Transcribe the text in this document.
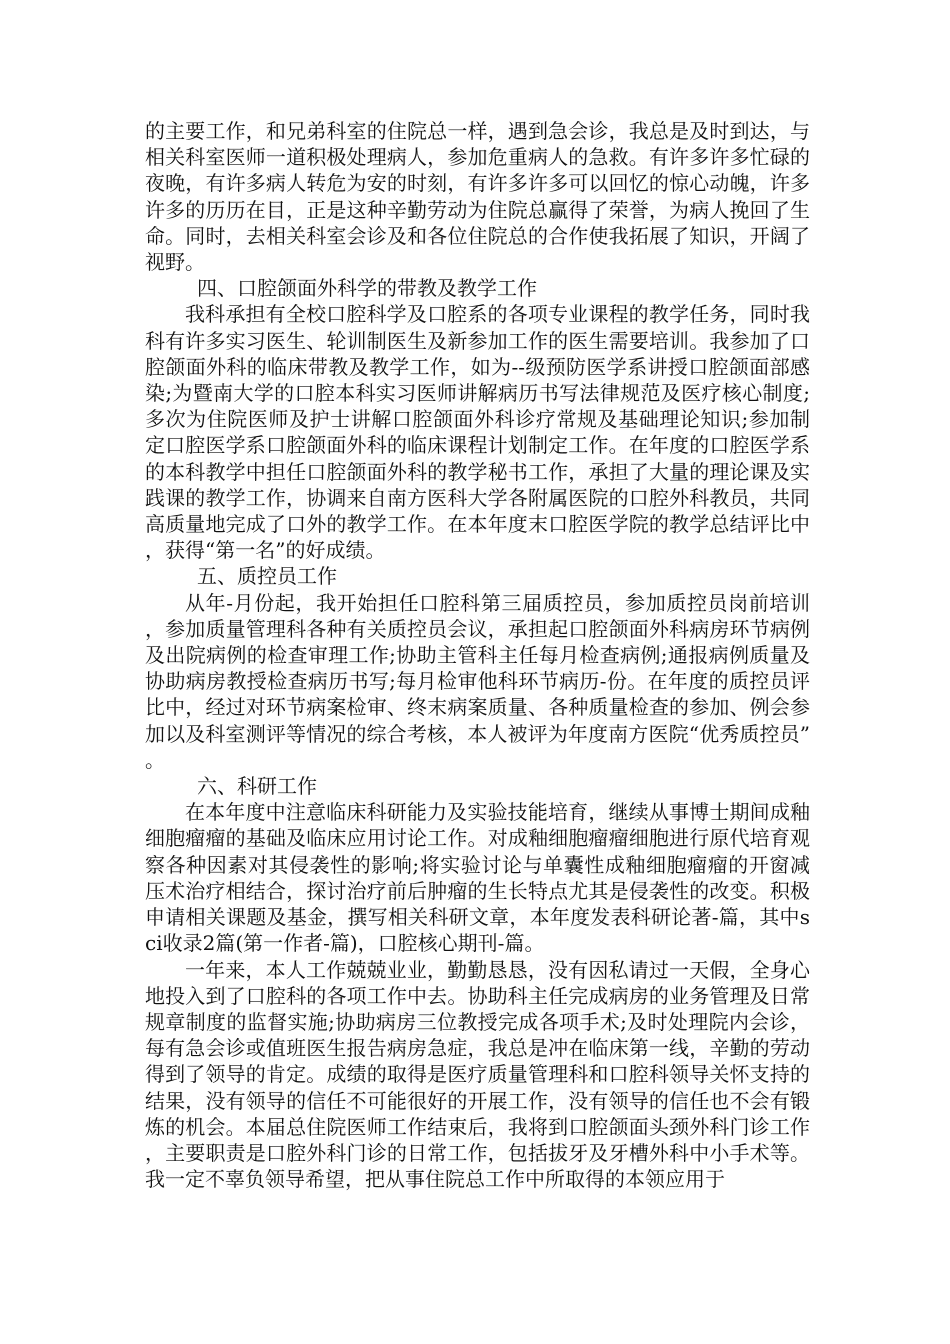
的主要工作，和兄弟科室的住院总一样，遇到急会诊，我总是及时到达，与相关科室医师一道积极处理病人，参加危重病人的急救。有许多许多忙碌的夜晚，有许多病人转危为安的时刻，有许多许多可以回忆的惊心动魄，许多许多的历历在目，正是这种辛勤劳动为住院总赢得了荣誉，为病人挽回了生命。同时，去相关科室会诊及和各位住院总的合作使我拓展了知识，开阔了视野。

四、口腔颌面外科学的带教及教学工作

我科承担有全校口腔科学及口腔系的各项专业课程的教学任务，同时我科有许多实习医生、轮训制医生及新参加工作的医生需要培训。我参加了口腔颌面外科的临床带教及教学工作，如为--级预防医学系讲授口腔颌面部感染;为暨南大学的口腔本科实习医师讲解病历书写法律规范及医疗核心制度;多次为住院医师及护士讲解口腔颌面外科诊疗常规及基础理论知识;参加制定口腔医学系口腔颌面外科的临床课程计划制定工作。在年度的口腔医学系的本科教学中担任口腔颌面外科的教学秘书工作，承担了大量的理论课及实践课的教学工作，协调来自南方医科大学各附属医院的口腔外科教员，共同高质量地完成了口外的教学工作。在本年度末口腔医学院的教学总结评比中，获得“第一名”的好成绩。

五、质控员工作

从年-月份起，我开始担任口腔科第三届质控员，参加质控员岗前培训，参加质量管理科各种有关质控员会议，承担起口腔颌面外科病房环节病例及出院病例的检查审理工作;协助主管科主任每月检查病例;通报病例质量及协助病房教授检查病历书写;每月检审他科环节病历-份。在年度的质控员评比中，经过对环节病案检审、终末病案质量、各种质量检查的参加、例会参加以及科室测评等情况的综合考核，本人被评为年度南方医院“优秀质控员”。

六、科研工作

在本年度中注意临床科研能力及实验技能培育，继续从事博士期间成釉细胞瘤瘤的基础及临床应用讨论工作。对成釉细胞瘤瘤细胞进行原代培育观察各种因素对其侵袭性的影响;将实验讨论与单囊性成釉细胞瘤瘤的开窗减压术治疗相结合，探讨治疗前后肿瘤的生长特点尤其是侵袭性的改变。积极申请相关课题及基金，撰写相关科研文章，本年度发表科研论著-篇，其中sci收录2篇(第一作者-篇)，口腔核心期刊-篇。

一年来，本人工作兢兢业业，勤勤恳恳，没有因私请过一天假，全身心地投入到了口腔科的各项工作中去。协助科主任完成病房的业务管理及日常规章制度的监督实施;协助病房三位教授完成各项手术;及时处理院内会诊，每有急会诊或值班医生报告病房急症，我总是冲在临床第一线，辛勤的劳动得到了领导的肯定。成绩的取得是医疗质量管理科和口腔科领导关怀支持的结果，没有领导的信任不可能很好的开展工作，没有领导的信任也不会有锻炼的机会。本届总住院医师工作结束后，我将到口腔颌面头颈外科门诊工作，主要职责是口腔外科门诊的日常工作，包括拔牙及牙槽外科中小手术等。我一定不辜负领导希望，把从事住院总工作中所取得的本领应用于
